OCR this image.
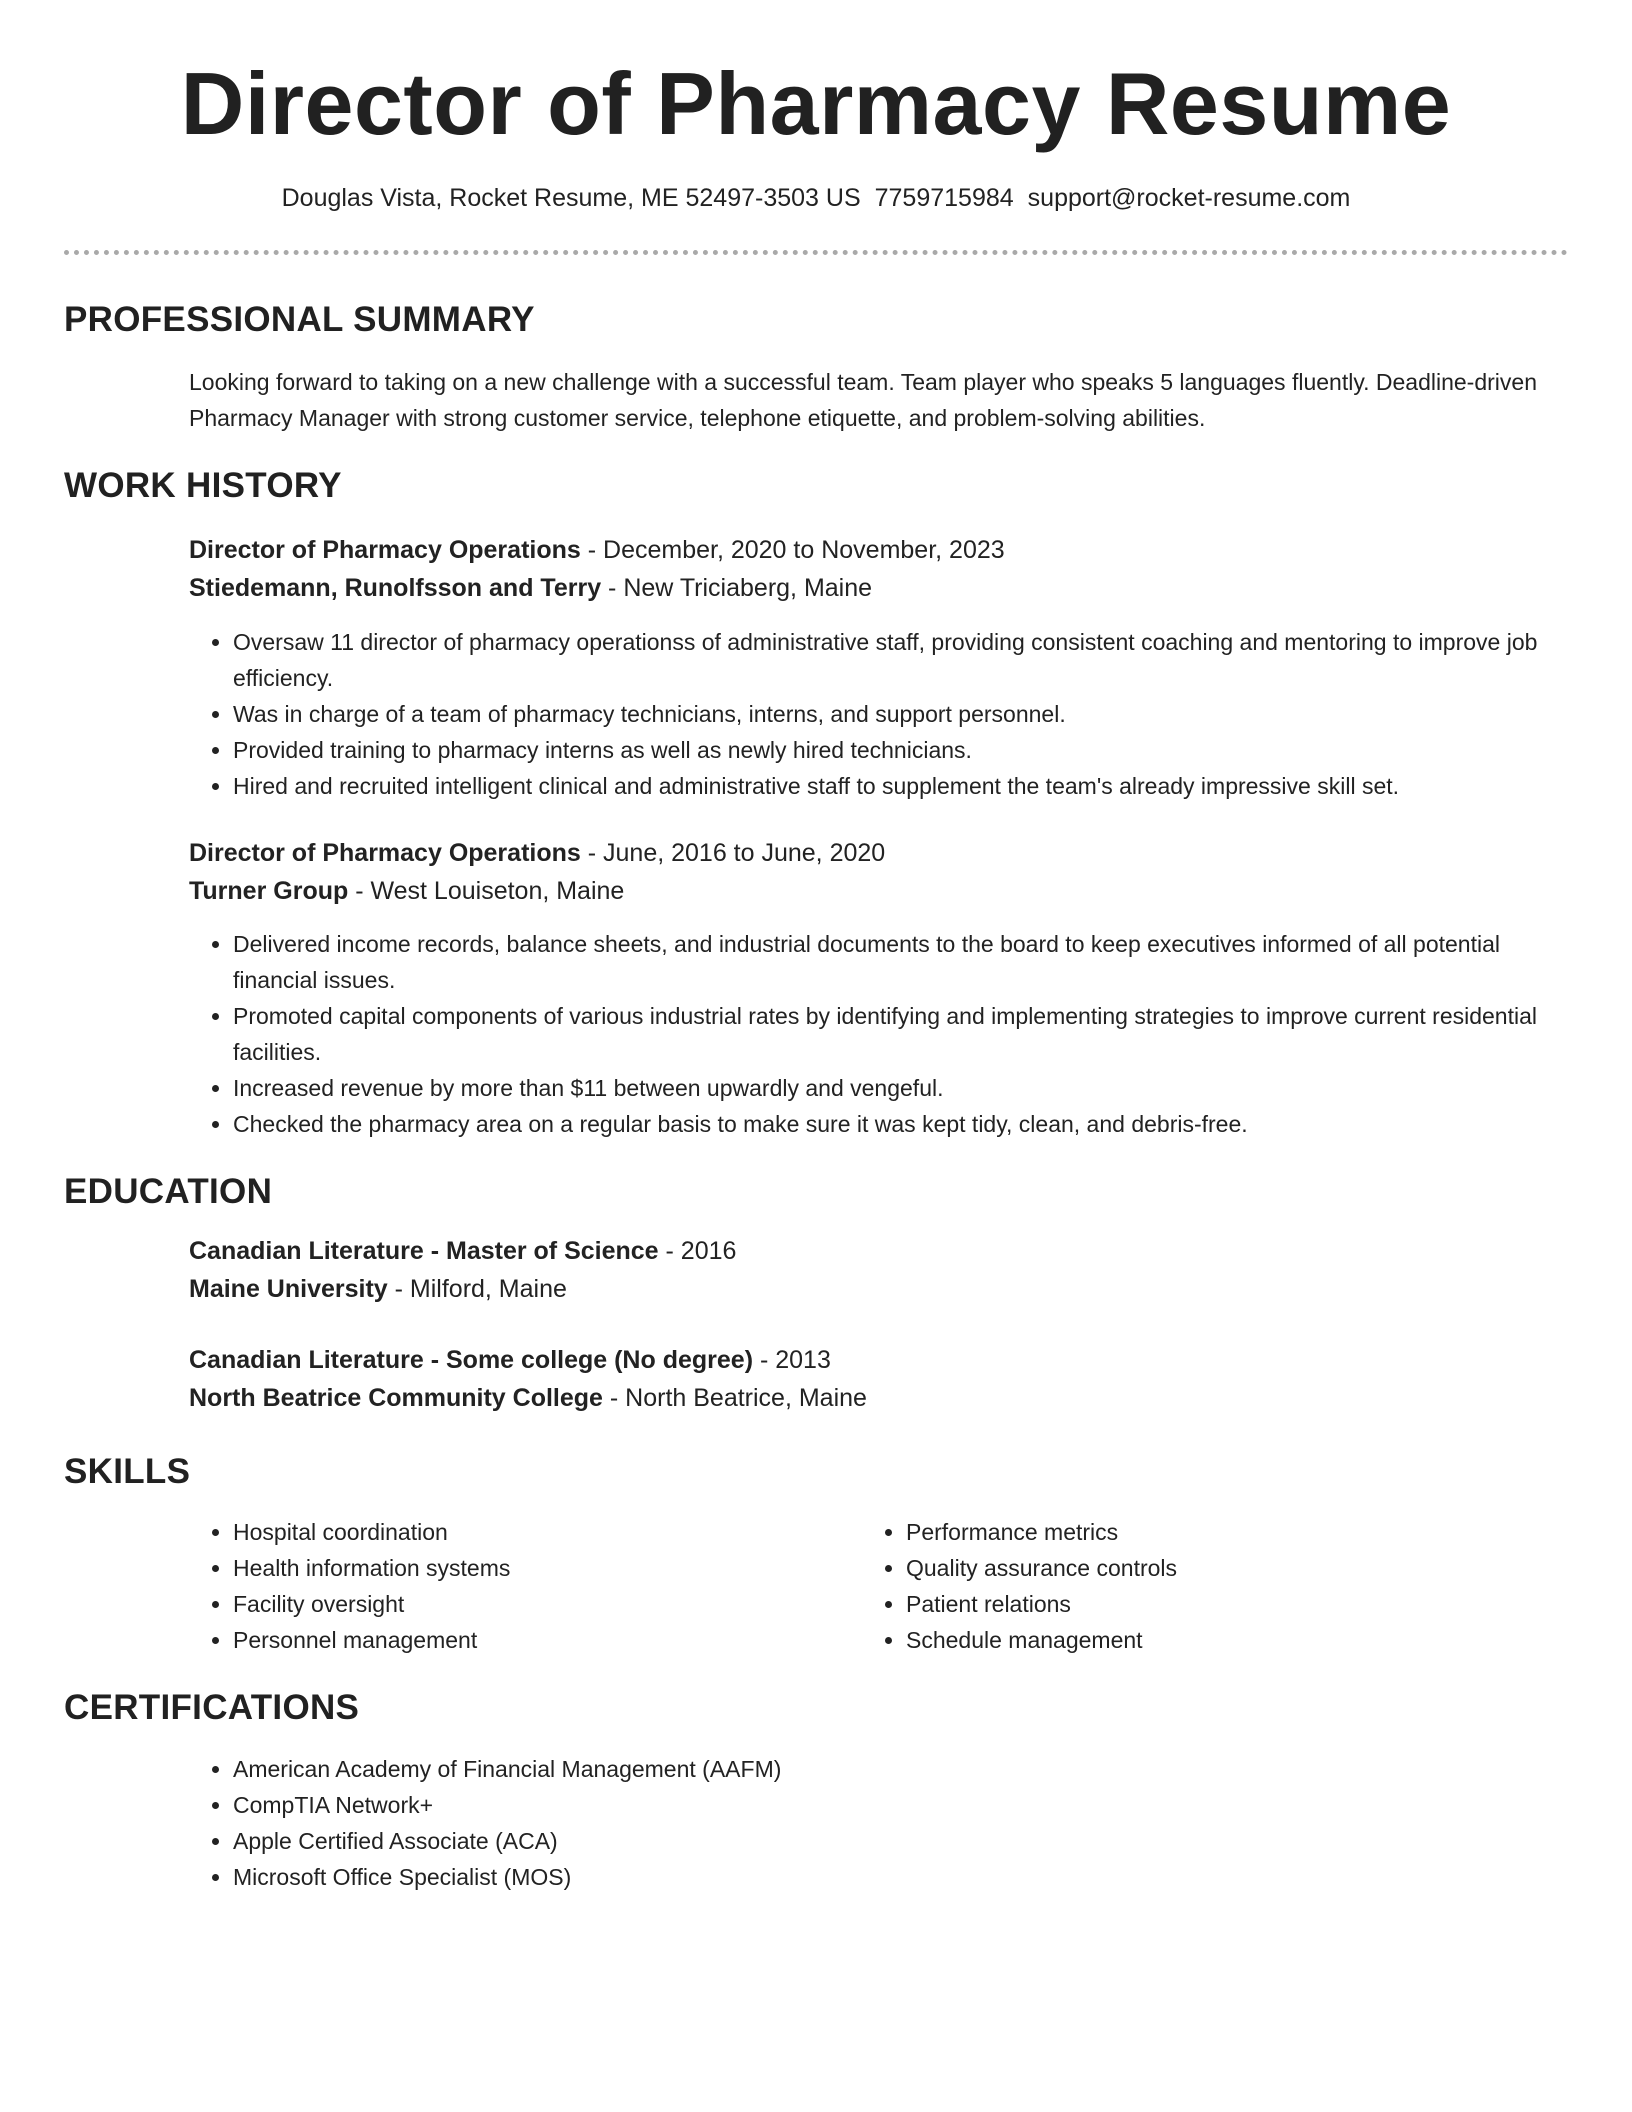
Director of Pharmacy Resume
Douglas Vista, Rocket Resume, ME 52497-3503 US 7759715984 support@rocket-resume.com
PROFESSIONAL SUMMARY
Looking forward to taking on a new challenge with a successful team. Team player who speaks 5 languages fluently. Deadline-driven Pharmacy Manager with strong customer service, telephone etiquette, and problem-solving abilities.
WORK HISTORY
Director of Pharmacy Operations - December, 2020 to November, 2023
Stiedemann, Runolfsson and Terry - New Triciaberg, Maine
• Oversaw 11 director of pharmacy operationss of administrative staff, providing consistent coaching and mentoring to improve job efficiency.
• Was in charge of a team of pharmacy technicians, interns, and support personnel.
• Provided training to pharmacy interns as well as newly hired technicians.
• Hired and recruited intelligent clinical and administrative staff to supplement the team's already impressive skill set.
Director of Pharmacy Operations - June, 2016 to June, 2020
Turner Group - West Louiseton, Maine
• Delivered income records, balance sheets, and industrial documents to the board to keep executives informed of all potential financial issues.
• Promoted capital components of various industrial rates by identifying and implementing strategies to improve current residential facilities.
• Increased revenue by more than $11 between upwardly and vengeful.
• Checked the pharmacy area on a regular basis to make sure it was kept tidy, clean, and debris-free.
EDUCATION
Canadian Literature - Master of Science - 2016
Maine University - Milford, Maine
Canadian Literature - Some college (No degree) - 2013
North Beatrice Community College - North Beatrice, Maine
SKILLS
• Hospital coordination
• Health information systems
• Facility oversight
• Personnel management
• Performance metrics
• Quality assurance controls
• Patient relations
• Schedule management
CERTIFICATIONS
• American Academy of Financial Management (AAFM)
• CompTIA Network+
• Apple Certified Associate (ACA)
• Microsoft Office Specialist (MOS)
